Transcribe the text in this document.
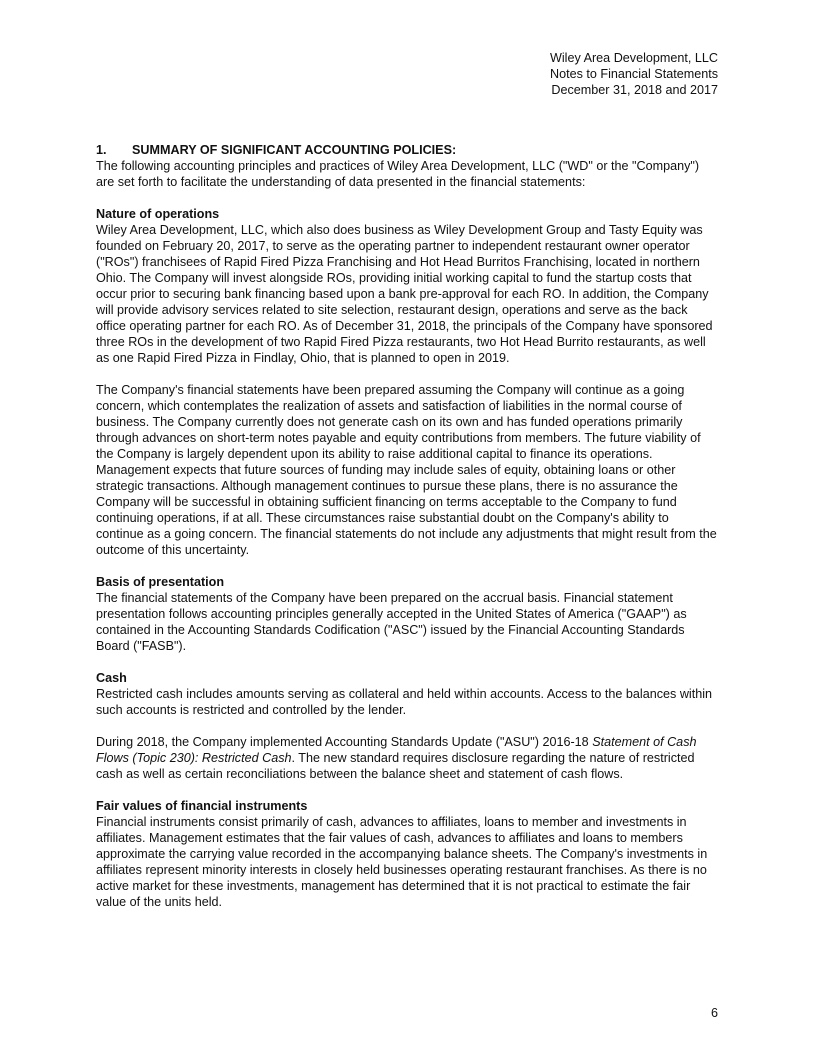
Wiley Area Development, LLC
Notes to Financial Statements
December 31, 2018 and 2017
1. SUMMARY OF SIGNIFICANT ACCOUNTING POLICIES:

The following accounting principles and practices of Wiley Area Development, LLC ("WD" or the "Company") are set forth to facilitate the understanding of data presented in the financial statements:

Nature of operations

Wiley Area Development, LLC, which also does business as Wiley Development Group and Tasty Equity was founded on February 20, 2017, to serve as the operating partner to independent restaurant owner operator ("ROs") franchisees of Rapid Fired Pizza Franchising and Hot Head Burritos Franchising, located in northern Ohio. The Company will invest alongside ROs, providing initial working capital to fund the startup costs that occur prior to securing bank financing based upon a bank pre-approval for each RO. In addition, the Company will provide advisory services related to site selection, restaurant design, operations and serve as the back office operating partner for each RO. As of December 31, 2018, the principals of the Company have sponsored three ROs in the development of two Rapid Fired Pizza restaurants, two Hot Head Burrito restaurants, as well as one Rapid Fired Pizza in Findlay, Ohio, that is planned to open in 2019.

The Company's financial statements have been prepared assuming the Company will continue as a going concern, which contemplates the realization of assets and satisfaction of liabilities in the normal course of business. The Company currently does not generate cash on its own and has funded operations primarily through advances on short-term notes payable and equity contributions from members. The future viability of the Company is largely dependent upon its ability to raise additional capital to finance its operations. Management expects that future sources of funding may include sales of equity, obtaining loans or other strategic transactions. Although management continues to pursue these plans, there is no assurance the Company will be successful in obtaining sufficient financing on terms acceptable to the Company to fund continuing operations, if at all. These circumstances raise substantial doubt on the Company's ability to continue as a going concern. The financial statements do not include any adjustments that might result from the outcome of this uncertainty.

Basis of presentation

The financial statements of the Company have been prepared on the accrual basis. Financial statement presentation follows accounting principles generally accepted in the United States of America ("GAAP") as contained in the Accounting Standards Codification ("ASC") issued by the Financial Accounting Standards Board ("FASB").

Cash

Restricted cash includes amounts serving as collateral and held within accounts. Access to the balances within such accounts is restricted and controlled by the lender.

During 2018, the Company implemented Accounting Standards Update ("ASU") 2016-18 Statement of Cash Flows (Topic 230): Restricted Cash. The new standard requires disclosure regarding the nature of restricted cash as well as certain reconciliations between the balance sheet and statement of cash flows.

Fair values of financial instruments

Financial instruments consist primarily of cash, advances to affiliates, loans to member and investments in affiliates. Management estimates that the fair values of cash, advances to affiliates and loans to members approximate the carrying value recorded in the accompanying balance sheets. The Company's investments in affiliates represent minority interests in closely held businesses operating restaurant franchises. As there is no active market for these investments, management has determined that it is not practical to estimate the fair value of the units held.

6
